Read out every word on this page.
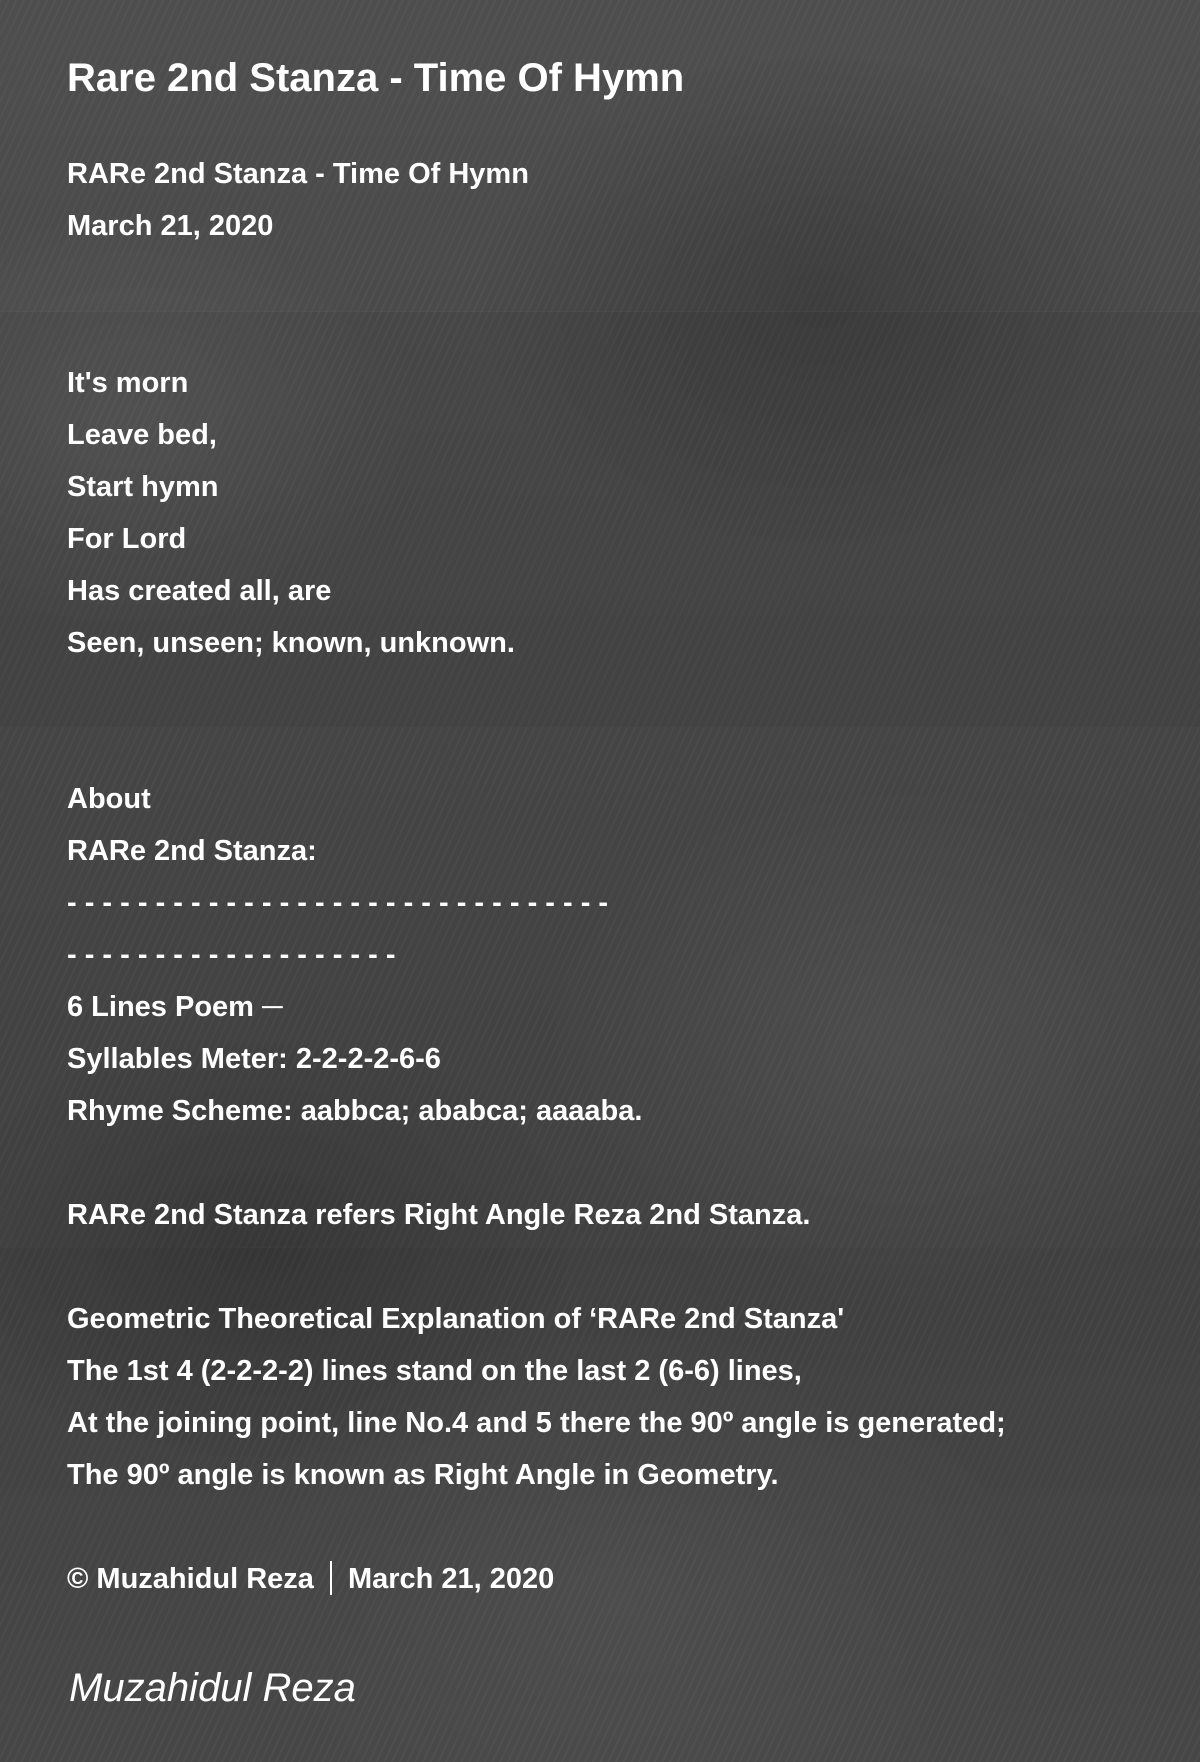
Rare 2nd Stanza - Time Of Hymn
RARe 2nd Stanza - Time Of Hymn
March 21, 2020
It's morn
Leave bed,
Start hymn
For Lord
Has created all, are
Seen, unseen; known, unknown.
About
RARe 2nd Stanza:
- - - - - - - - - - - - - - - - - - - - - - - - - - - - - - -
- - - - - - - - - - - - - - - - - - -
6 Lines Poem ─
Syllables Meter: 2-2-2-2-6-6
Rhyme Scheme: aabbca; ababca; aaaaba.
RARe 2nd Stanza refers Right Angle Reza 2nd Stanza.
Geometric Theoretical Explanation of ‘RARe 2nd Stanza'
The 1st 4 (2-2-2-2) lines stand on the last 2 (6-6) lines,
At the joining point, line No.4 and 5 there the 90º angle is generated;
The 90º angle is known as Right Angle in Geometry.
© Muzahidul Reza March 21, 2020

Muzahidul Reza
